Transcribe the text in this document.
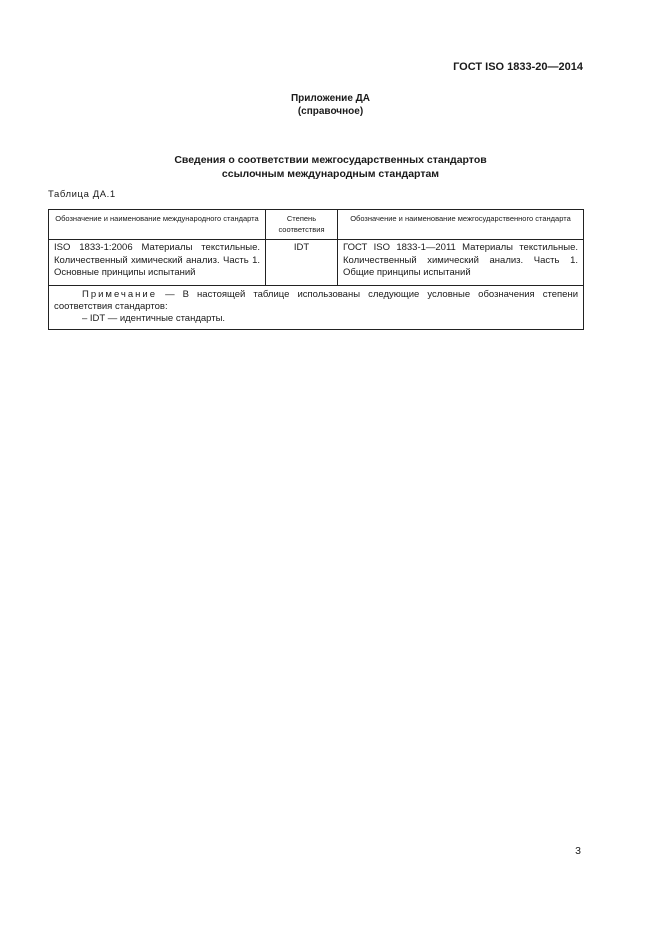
ГОСТ ISO 1833-20—2014
Приложение ДА
(справочное)
Сведения о соответствии межгосударственных стандартов
ссылочным международным стандартам
Таблица ДА.1
Обозначение и наименование международного стандарта	Степень соответствия	Обозначение и наименование межгосударственного стандарта
ISO 1833-1:2006 Материалы текстильные. Количественный химический анализ. Часть 1. Основные принципы испытаний	IDT	ГОСТ ISO 1833-1—2011 Материалы текстильные. Количественный химический анализ. Часть 1. Общие принципы испытаний

Примечание — В настоящей таблице использованы следующие условные обозначения степени соответствия стандартов:
– IDT — идентичные стандарты.		
3
